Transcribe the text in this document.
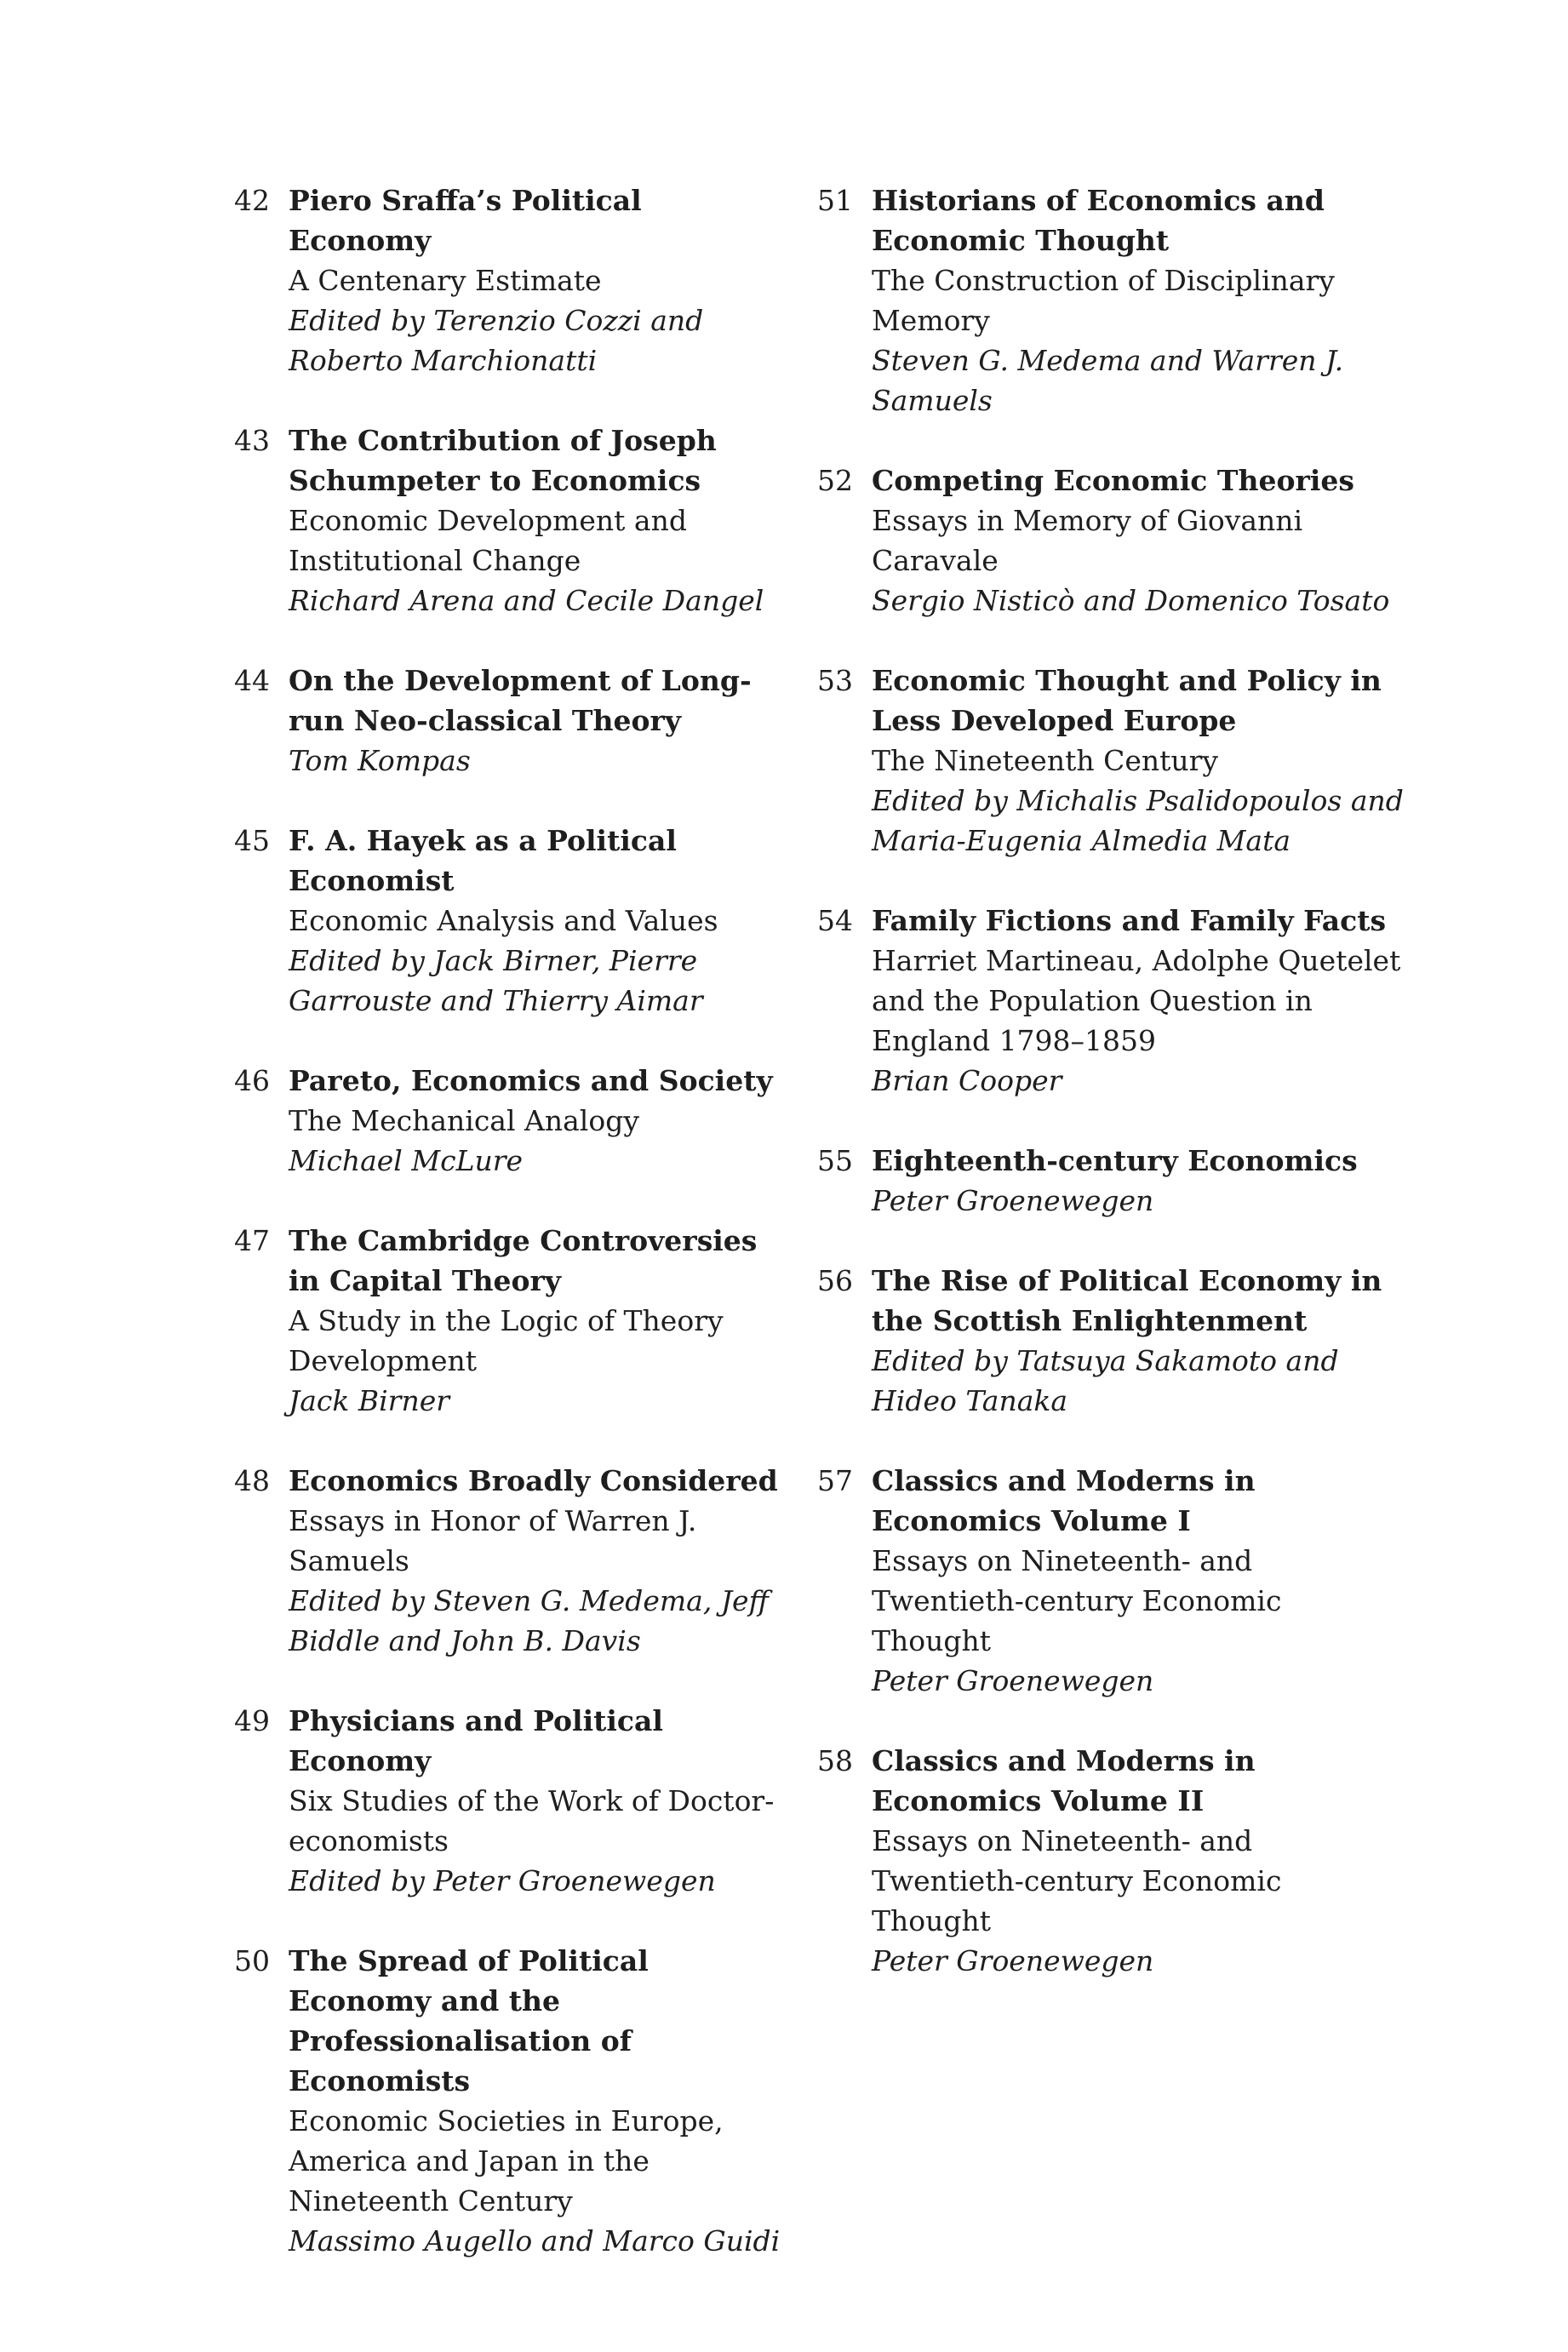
42 Piero Sraffa’s Political Economy
A Centenary Estimate
Edited by Terenzio Cozzi and Roberto Marchionatti
43 The Contribution of Joseph Schumpeter to Economics
Economic Development and Institutional Change
Richard Arena and Cecile Dangel
44 On the Development of Long-run Neo-classical Theory
Tom Kompas
45 F. A. Hayek as a Political Economist
Economic Analysis and Values
Edited by Jack Birner, Pierre Garrouste and Thierry Aimar
46 Pareto, Economics and Society
The Mechanical Analogy
Michael McLure
47 The Cambridge Controversies in Capital Theory
A Study in the Logic of Theory Development
Jack Birner
48 Economics Broadly Considered
Essays in Honor of Warren J. Samuels
Edited by Steven G. Medema, Jeff Biddle and John B. Davis
49 Physicians and Political Economy
Six Studies of the Work of Doctor-economists
Edited by Peter Groenewegen
50 The Spread of Political Economy and the Professionalisation of Economists
Economic Societies in Europe, America and Japan in the Nineteenth Century
Massimo Augello and Marco Guidi
51 Historians of Economics and Economic Thought
The Construction of Disciplinary Memory
Steven G. Medema and Warren J. Samuels
52 Competing Economic Theories
Essays in Memory of Giovanni Caravale
Sergio Nisticò and Domenico Tosato
53 Economic Thought and Policy in Less Developed Europe
The Nineteenth Century
Edited by Michalis Psalidopoulos and Maria-Eugenia Almedia Mata
54 Family Fictions and Family Facts
Harriet Martineau, Adolphe Quetelet and the Population Question in England 1798–1859
Brian Cooper
55 Eighteenth-century Economics
Peter Groenewegen
56 The Rise of Political Economy in the Scottish Enlightenment
Edited by Tatsuya Sakamoto and Hideo Tanaka
57 Classics and Moderns in Economics Volume I
Essays on Nineteenth- and Twentieth-century Economic Thought
Peter Groenewegen
58 Classics and Moderns in Economics Volume II
Essays on Nineteenth- and Twentieth-century Economic Thought
Peter Groenewegen
